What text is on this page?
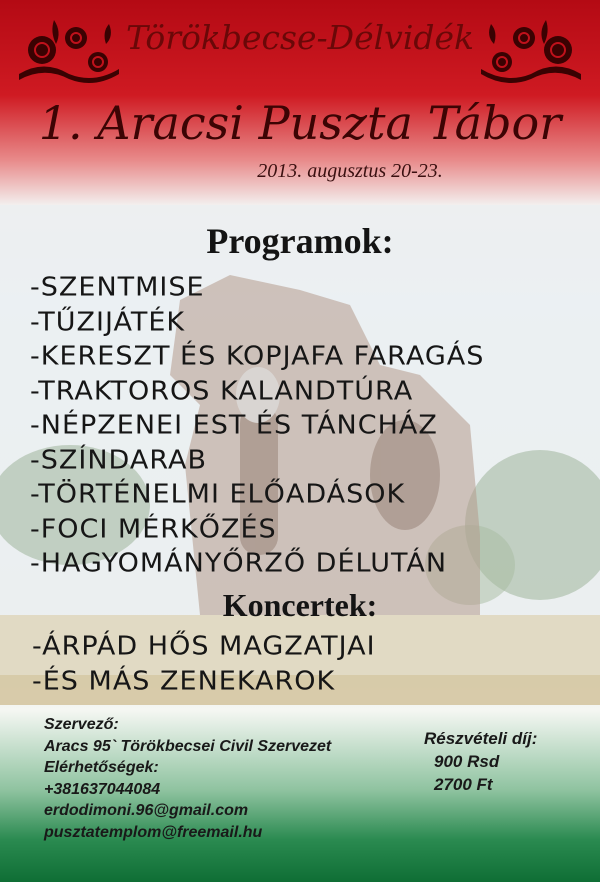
Törökbecse-Délvidék
1. Aracsi Puszta Tábor
2013. augusztus 20-23.
Programok:
-SZENTMISE
-TŰZIJÁTÉK
-KERESZT ÉS KOPJAFA FARAGÁS
-TRAKTOROS KALANDTÚRA
-NÉPZENEI EST ÉS TÁNCHÁZ
-SZÍNDARAB
-TÖRTÉNELMI ELŐADÁSOK
-FOCI MÉRKŐZÉS
-HAGYOMÁNYŐRZŐ DÉLUTÁN
Koncertek:
-ÁRPÁD HŐS MAGZATJAI
-ÉS MÁS ZENEKAROK
Szervező:
Aracs 95` Törökbecsei Civil Szervezet
Elérhetőségek:
+381637044084
erdodimoni.96@gmail.com
pusztatemplom@freemail.hu
Részvételi díj:
900 Rsd
2700 Ft
